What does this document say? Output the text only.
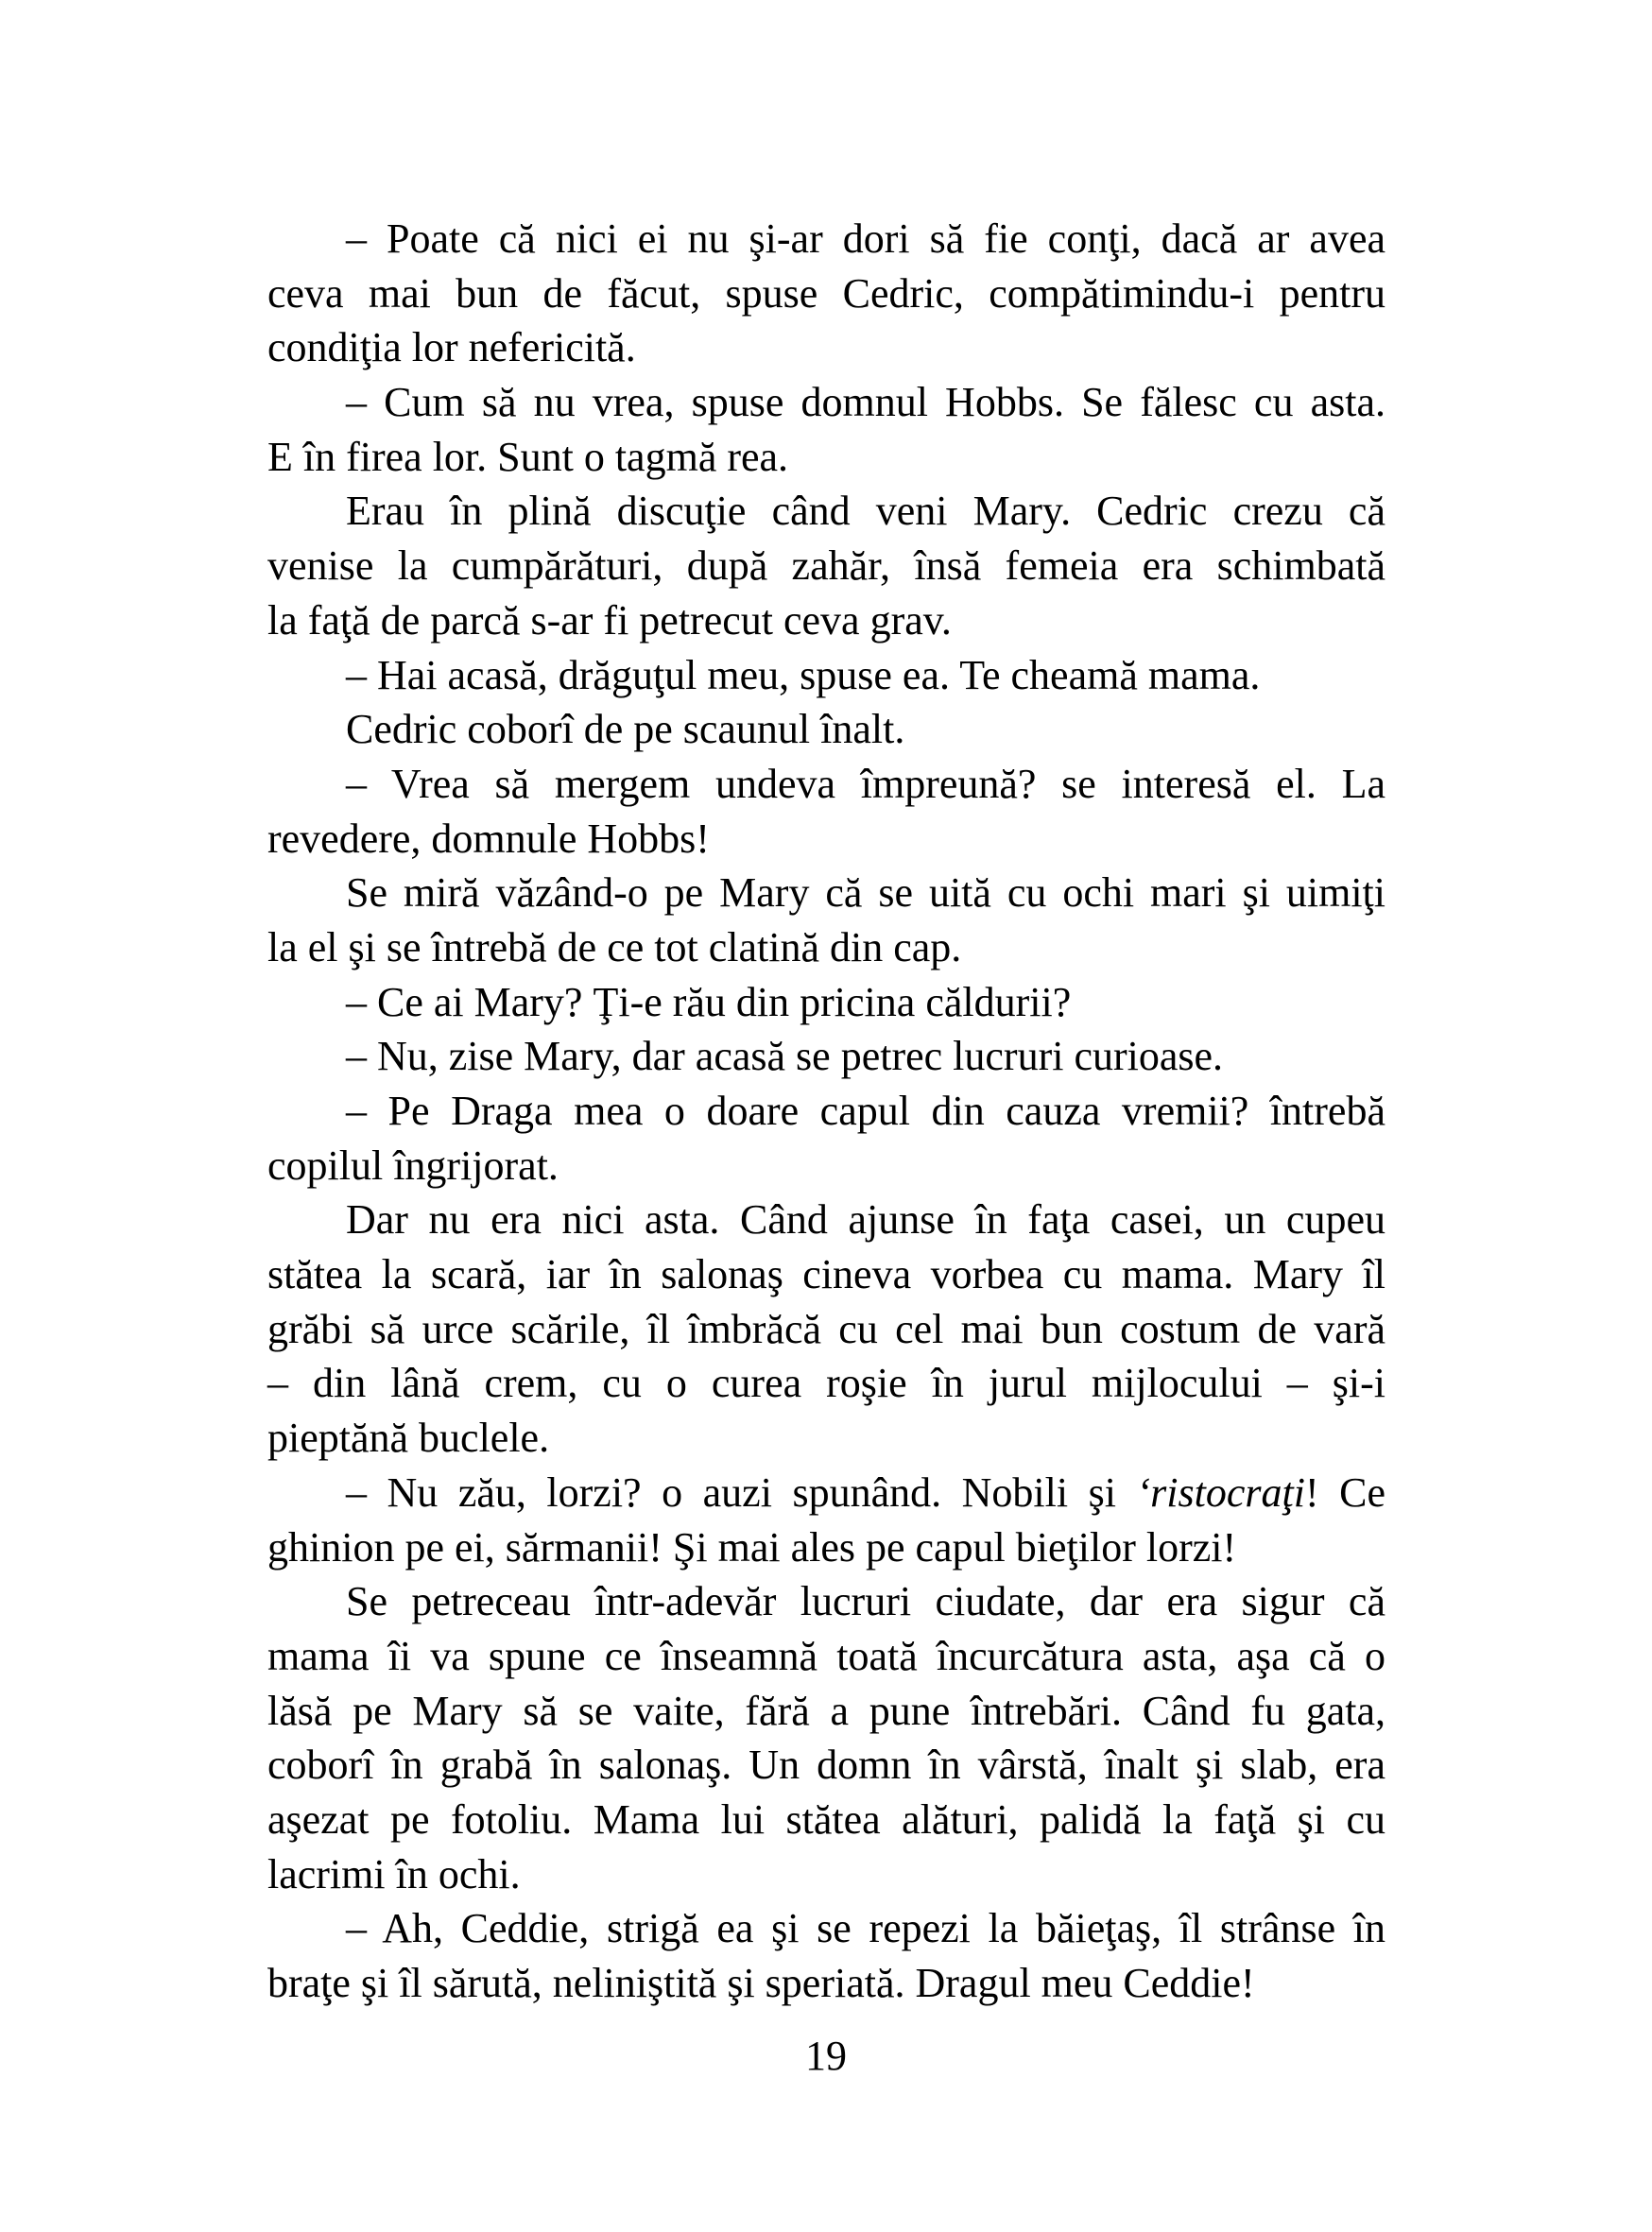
– Poate că nici ei nu şi-ar dori să fie conţi, dacă ar avea
ceva mai bun de făcut, spuse Cedric, compătimindu-i pentru
condiţia lor nefericită.
– Cum să nu vrea, spuse domnul Hobbs. Se fălesc cu asta.
E în firea lor. Sunt o tagmă rea.
Erau în plină discuţie când veni Mary. Cedric crezu că
venise la cumpărături, după zahăr, însă femeia era schimbată
la faţă de parcă s-ar fi petrecut ceva grav.
– Hai acasă, drăguţul meu, spuse ea. Te cheamă mama.
Cedric coborî de pe scaunul înalt.
– Vrea să mergem undeva împreună? se interesă el. La
revedere, domnule Hobbs!
Se miră văzând-o pe Mary că se uită cu ochi mari şi uimiţi
la el şi se întrebă de ce tot clatină din cap.
– Ce ai Mary? Ţi-e rău din pricina căldurii?
– Nu, zise Mary, dar acasă se petrec lucruri curioase.
– Pe Draga mea o doare capul din cauza vremii? întrebă
copilul îngrijorat.
Dar nu era nici asta. Când ajunse în faţa casei, un cupeu
stătea la scară, iar în salonaş cineva vorbea cu mama. Mary îl
grăbi să urce scările, îl îmbrăcă cu cel mai bun costum de vară
– din lână crem, cu o curea roşie în jurul mijlocului – şi-i
pieptănă buclele.
– Nu zău, lorzi? o auzi spunând. Nobili şi ‘ristocraţi! Ce
ghinion pe ei, sărmanii! Şi mai ales pe capul bieţilor lorzi!
Se petreceau într-adevăr lucruri ciudate, dar era sigur că
mama îi va spune ce înseamnă toată încurcătura asta, aşa că o
lăsă pe Mary să se vaite, fără a pune întrebări. Când fu gata,
coborî în grabă în salonaş. Un domn în vârstă, înalt şi slab, era
aşezat pe fotoliu. Mama lui stătea alături, palidă la faţă şi cu
lacrimi în ochi.
– Ah, Ceddie, strigă ea şi se repezi la băieţaş, îl strânse în
braţe şi îl sărută, neliniştită şi speriată. Dragul meu Ceddie!
19
